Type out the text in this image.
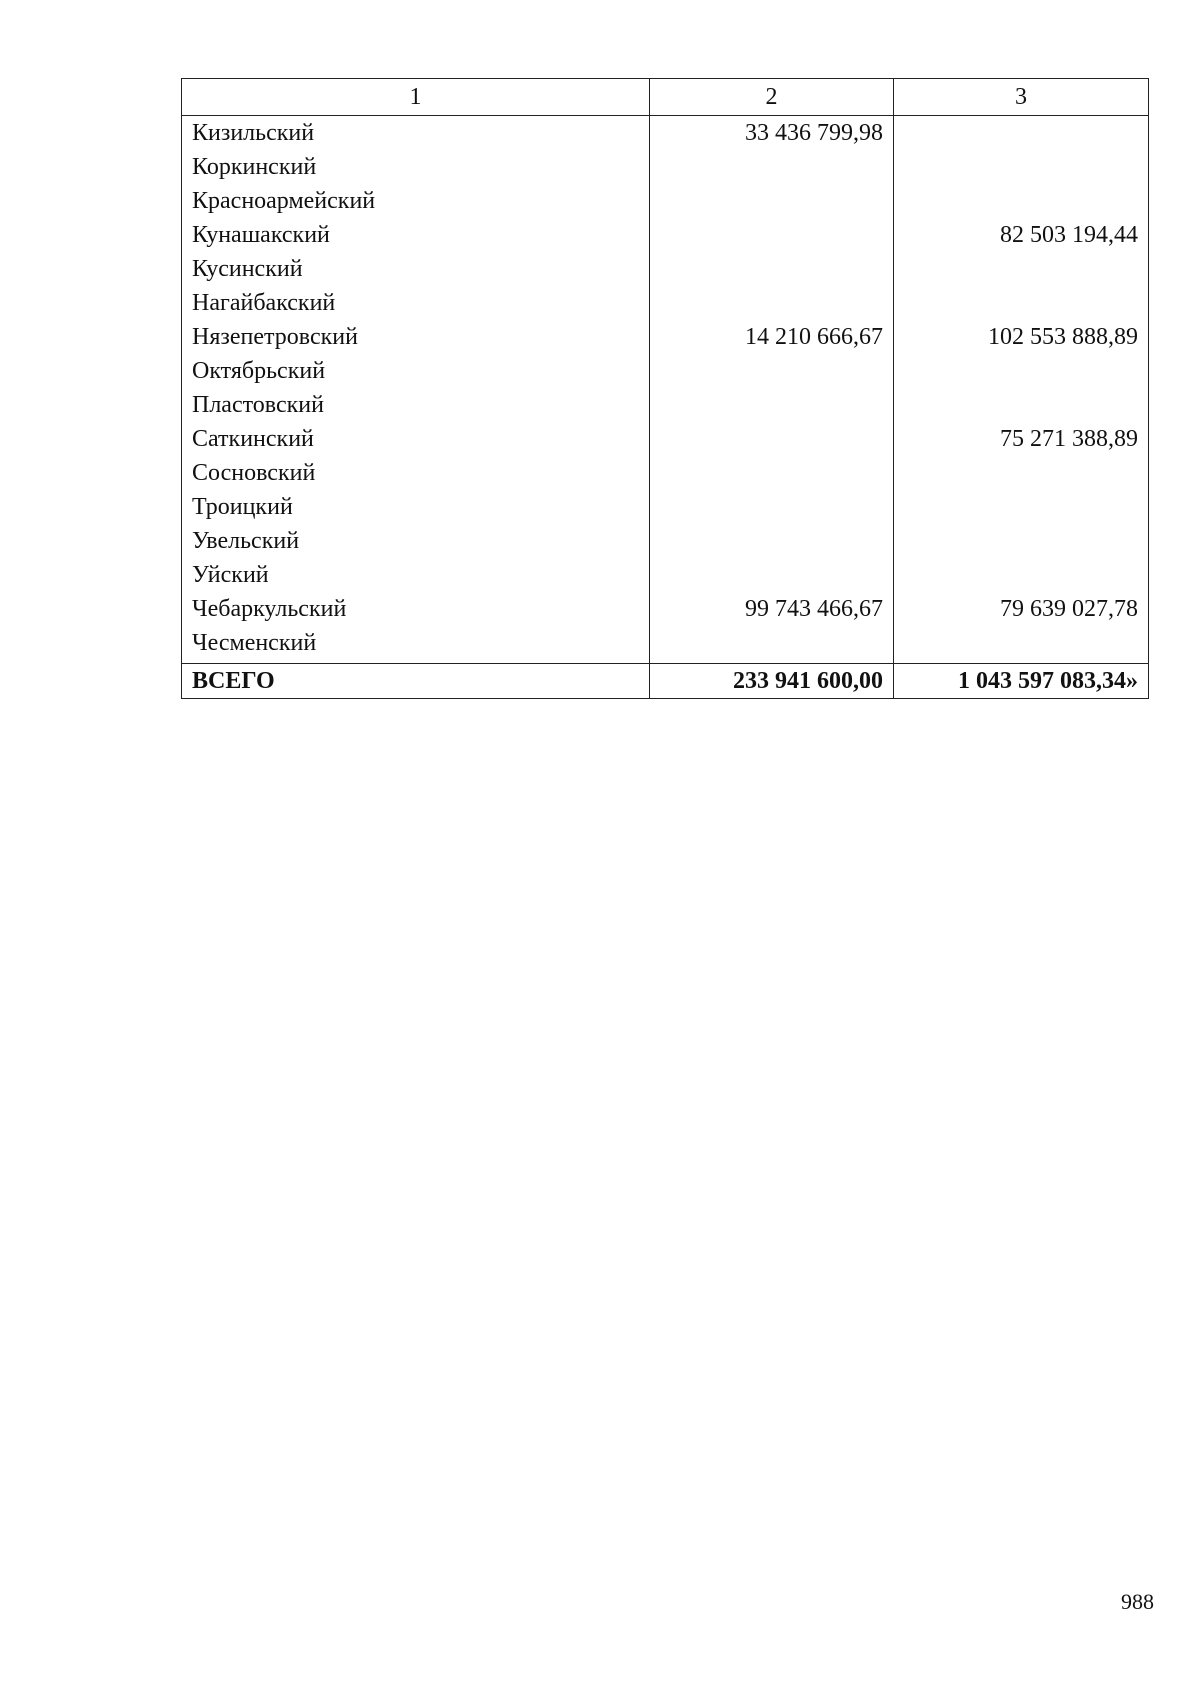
1	2	3
Кизильский	33 436 799,98	
Коркинский		
Красноармейский		
Кунашакский		82 503 194,44
Кусинский		
Нагайбакский		
Нязепетровский	14 210 666,67	102 553 888,89
Октябрьский		
Пластовский		
Саткинский		75 271 388,89
Сосновский		
Троицкий		
Увельский		
Уйский		
Чебаркульский	99 743 466,67	79 639 027,78
Чесменский		
ВСЕГО	233 941 600,00	1 043 597 083,34»
988
